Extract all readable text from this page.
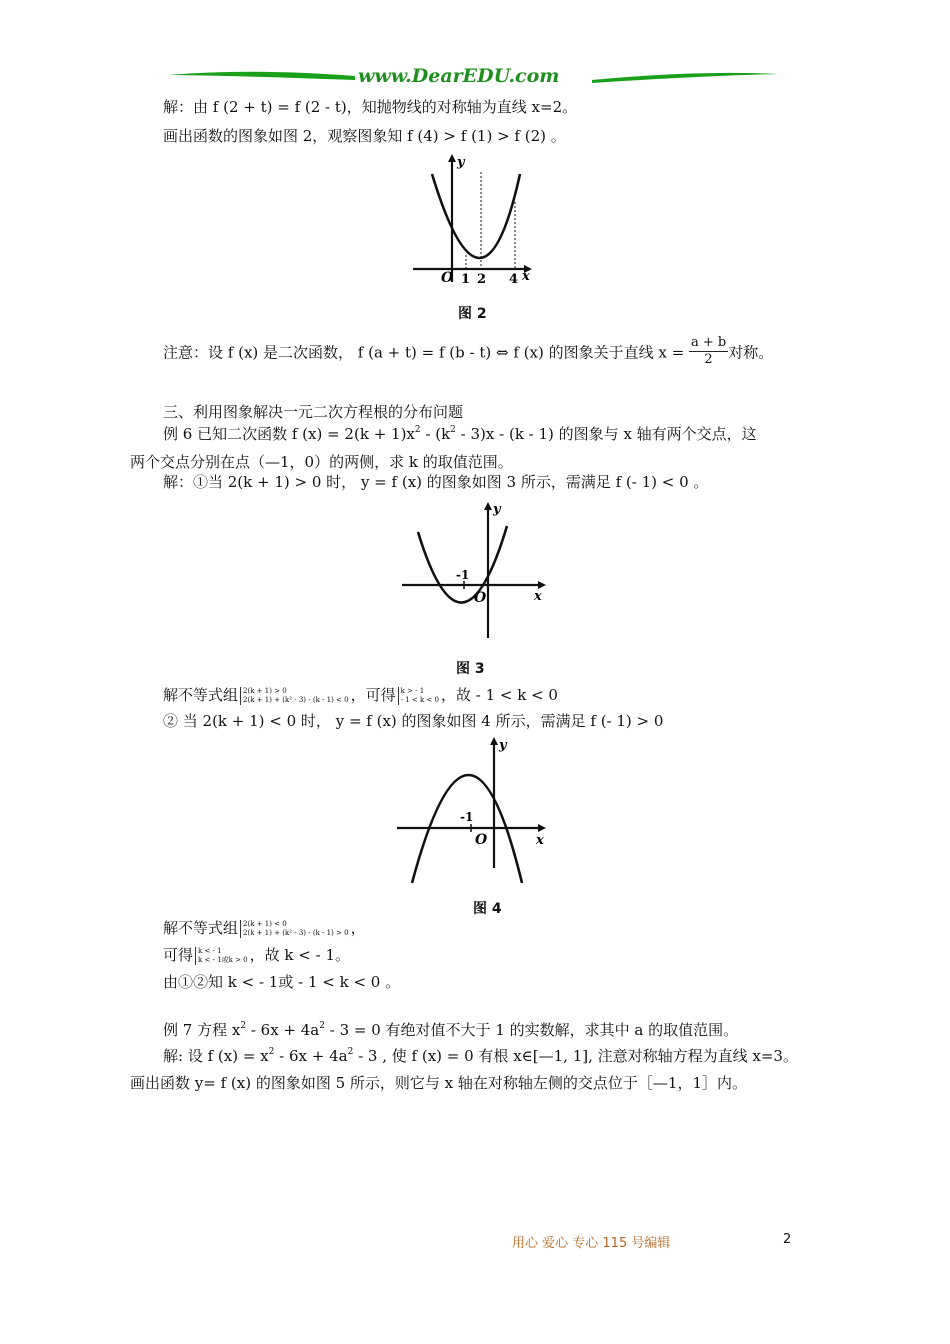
www.DearEDU.com
解：由 f (2 + t) = f (2 - t)，知抛物线的对称轴为直线 x=2。
画出函数的图象如图 2，观察图象知 f (4) > f (1) > f (2) 。
O 1 2 4 x
y
图 2
注意：设 f (x) 是二次函数， f (a + t) = f (b - t) ⇔ f (x) 的图象关于直线 $x = \frac{a + b}{2}$ 对称。
三、利用图象解决一元二次方程根的分布问题
例 6 已知二次函数 f $(x) = 2(k + 1)x^2 - (k^2 - 3)x - (k - 1)$ 的图象与 x 轴有两个交点，这
两个交点分别在点（—1，0）的两侧，求 k 的取值范围。
解：①当 2(k + 1) > 0 时， y = f (x) 的图象如图 3 所示，需满足 f (- 1) < 0 。
-1
O	x
y
图 3
解不等式组 2(k + 1) > 0
2(k + 1) + (k² - 3) - (k - 1) < 0 ，可得 k > - 1
- 1 < k < 0 ，故 - 1 < k < 0
② 当 2(k + 1) < 0 时， y = f (x) 的图象如图 4 所示，需满足 f (- 1) > 0
-1
O	x
y
图 4
解不等式组 2(k + 1) < 0
2(k + 1) + (k² - 3) - (k - 1) > 0 ，
可得 k < - 1
k < - 1或k > 0 ，故 k < - 1。
由①②知 k < - 1或 - 1 < k < 0 。
例 7 方程 $x^2 - 6x + 4a^2 - 3 = 0$ 有绝对值不大于 1 的实数解，求其中 a 的取值范围。
解: 设 f $(x) = x^2 - 6x + 4a^2 - 3$ , 使 f (x) = 0 有根 x∈[—1, 1], 注意对称轴方程为直线 x=3。
画出函数 y= f (x) 的图象如图 5 所示，则它与 x 轴在对称轴左侧的交点位于［—1，1］内。
用心 爱心 专心 115 号编辑	2
